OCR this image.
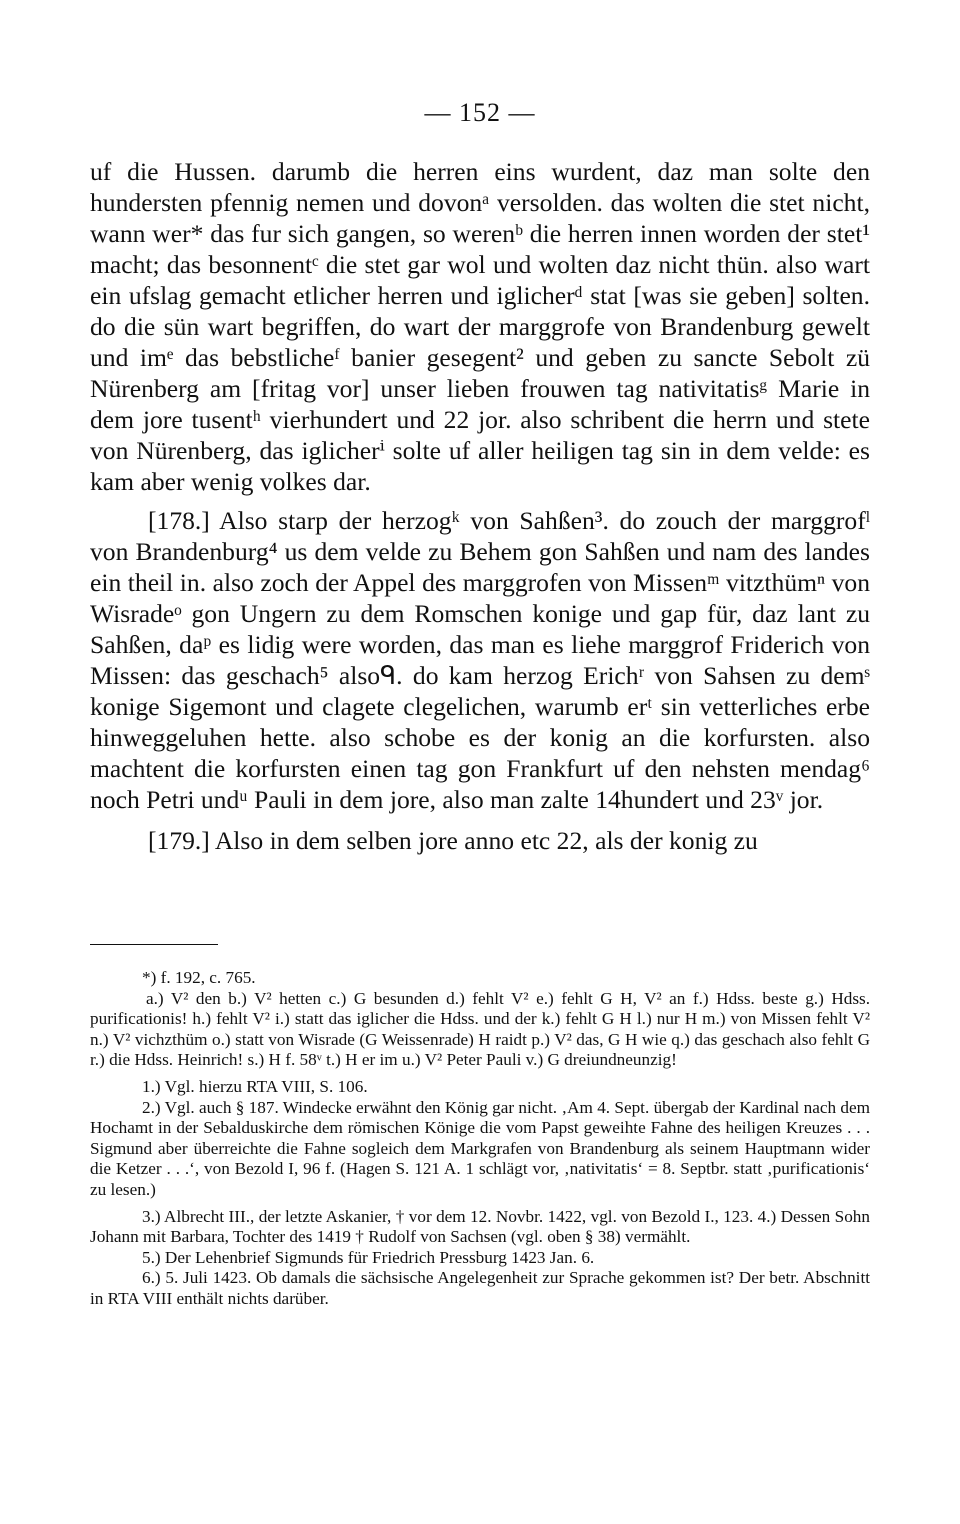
— 152 —

uf die Hussen. darumb die herren eins wurdent, daz man solte den hundersten pfennig nemen und dovonᵃ versolden. das wolten die stet nicht, wann wer* das fur sich gangen, so werenᵇ die herren innen worden der stet¹ macht; das besonnentᶜ die stet gar wol und wolten daz nicht thün. also wart ein ufslag gemacht etlicher herren und iglicherᵈ stat [was sie geben] solten. do die sün wart begriffen, do wart der marggrofe von Brandenburg gewelt und imᵉ das bebstlicheᶠ banier gesegent² und geben zu sancte Sebolt zü Nürenberg am [fritag vor] unser lieben frouwen tag nativitatisᵍ Marie in dem jore tusentʰ vierhundert und 22 jor. also schribent die herrn und stete von Nürenberg, das iglicherⁱ solte uf aller heiligen tag sin in dem velde: es kam aber wenig volkes dar.

[178.] Also starp der herzogᵏ von Sahßen³. do zouch der marggrofˡ von Brandenburg⁴ us dem velde zu Behem gon Sahßen und nam des landes ein theil in. also zoch der Appel des marggrofen von Missenᵐ vitzthümⁿ von Wisradeᵒ gon Ungern zu dem Romschen konige und gap für, daz lant zu Sahßen, daᵖ es lidig were worden, das man es liehe marggrof Friderich von Missen: das geschach⁵ alsoᑫ. do kam herzog Erichʳ von Sahsen zu demˢ konige Sigemont und clagete clegelichen, warumb erᵗ sin vetterliches erbe hinweggeluhen hette. also schobe es der konig an die korfursten. also machtent die korfursten einen tag gon Frankfurt uf den nehsten mendag⁶ noch Petri undᵘ Pauli in dem jore, also man zalte 14hundert und 23ᵛ jor.

[179.] Also in dem selben jore anno etc 22, als der konig zu

*) f. 192, c. 765.

a.) V² den b.) V² hetten c.) G besunden d.) fehlt V² e.) fehlt G H, V² an f.) Hdss. beste g.) Hdss. purificationis! h.) fehlt V² i.) statt das iglicher die Hdss. und der k.) fehlt G H l.) nur H m.) von Missen fehlt V² n.) V² vichzthüm o.) statt von Wisrade (G Weissenrade) H raidt p.) V² das, G H wie q.) das geschach also fehlt G r.) die Hdss. Heinrich! s.) H f. 58ᵛ t.) H er im u.) V² Peter Pauli v.) G dreiundneunzig!

1.) Vgl. hierzu RTA VIII, S. 106.

2.) Vgl. auch § 187. Windecke erwähnt den König gar nicht. ‚Am 4. Sept. übergab der Kardinal nach dem Hochamt in der Sebalduskirche dem römischen Könige die vom Papst geweihte Fahne des heiligen Kreuzes . . . Sigmund aber überreichte die Fahne sogleich dem Markgrafen von Brandenburg als seinem Hauptmann wider die Ketzer . . .‘, von Bezold I, 96 f. (Hagen S. 121 A. 1 schlägt vor, ‚nativitatis‘ = 8. Septbr. statt ‚purificationis‘ zu lesen.)

3.) Albrecht III., der letzte Askanier, † vor dem 12. Novbr. 1422, vgl. von Bezold I., 123. 4.) Dessen Sohn Johann mit Barbara, Tochter des 1419 † Rudolf von Sachsen (vgl. oben § 38) vermählt.

5.) Der Lehenbrief Sigmunds für Friedrich Pressburg 1423 Jan. 6.

6.) 5. Juli 1423. Ob damals die sächsische Angelegenheit zur Sprache gekommen ist? Der betr. Abschnitt in RTA VIII enthält nichts darüber.
